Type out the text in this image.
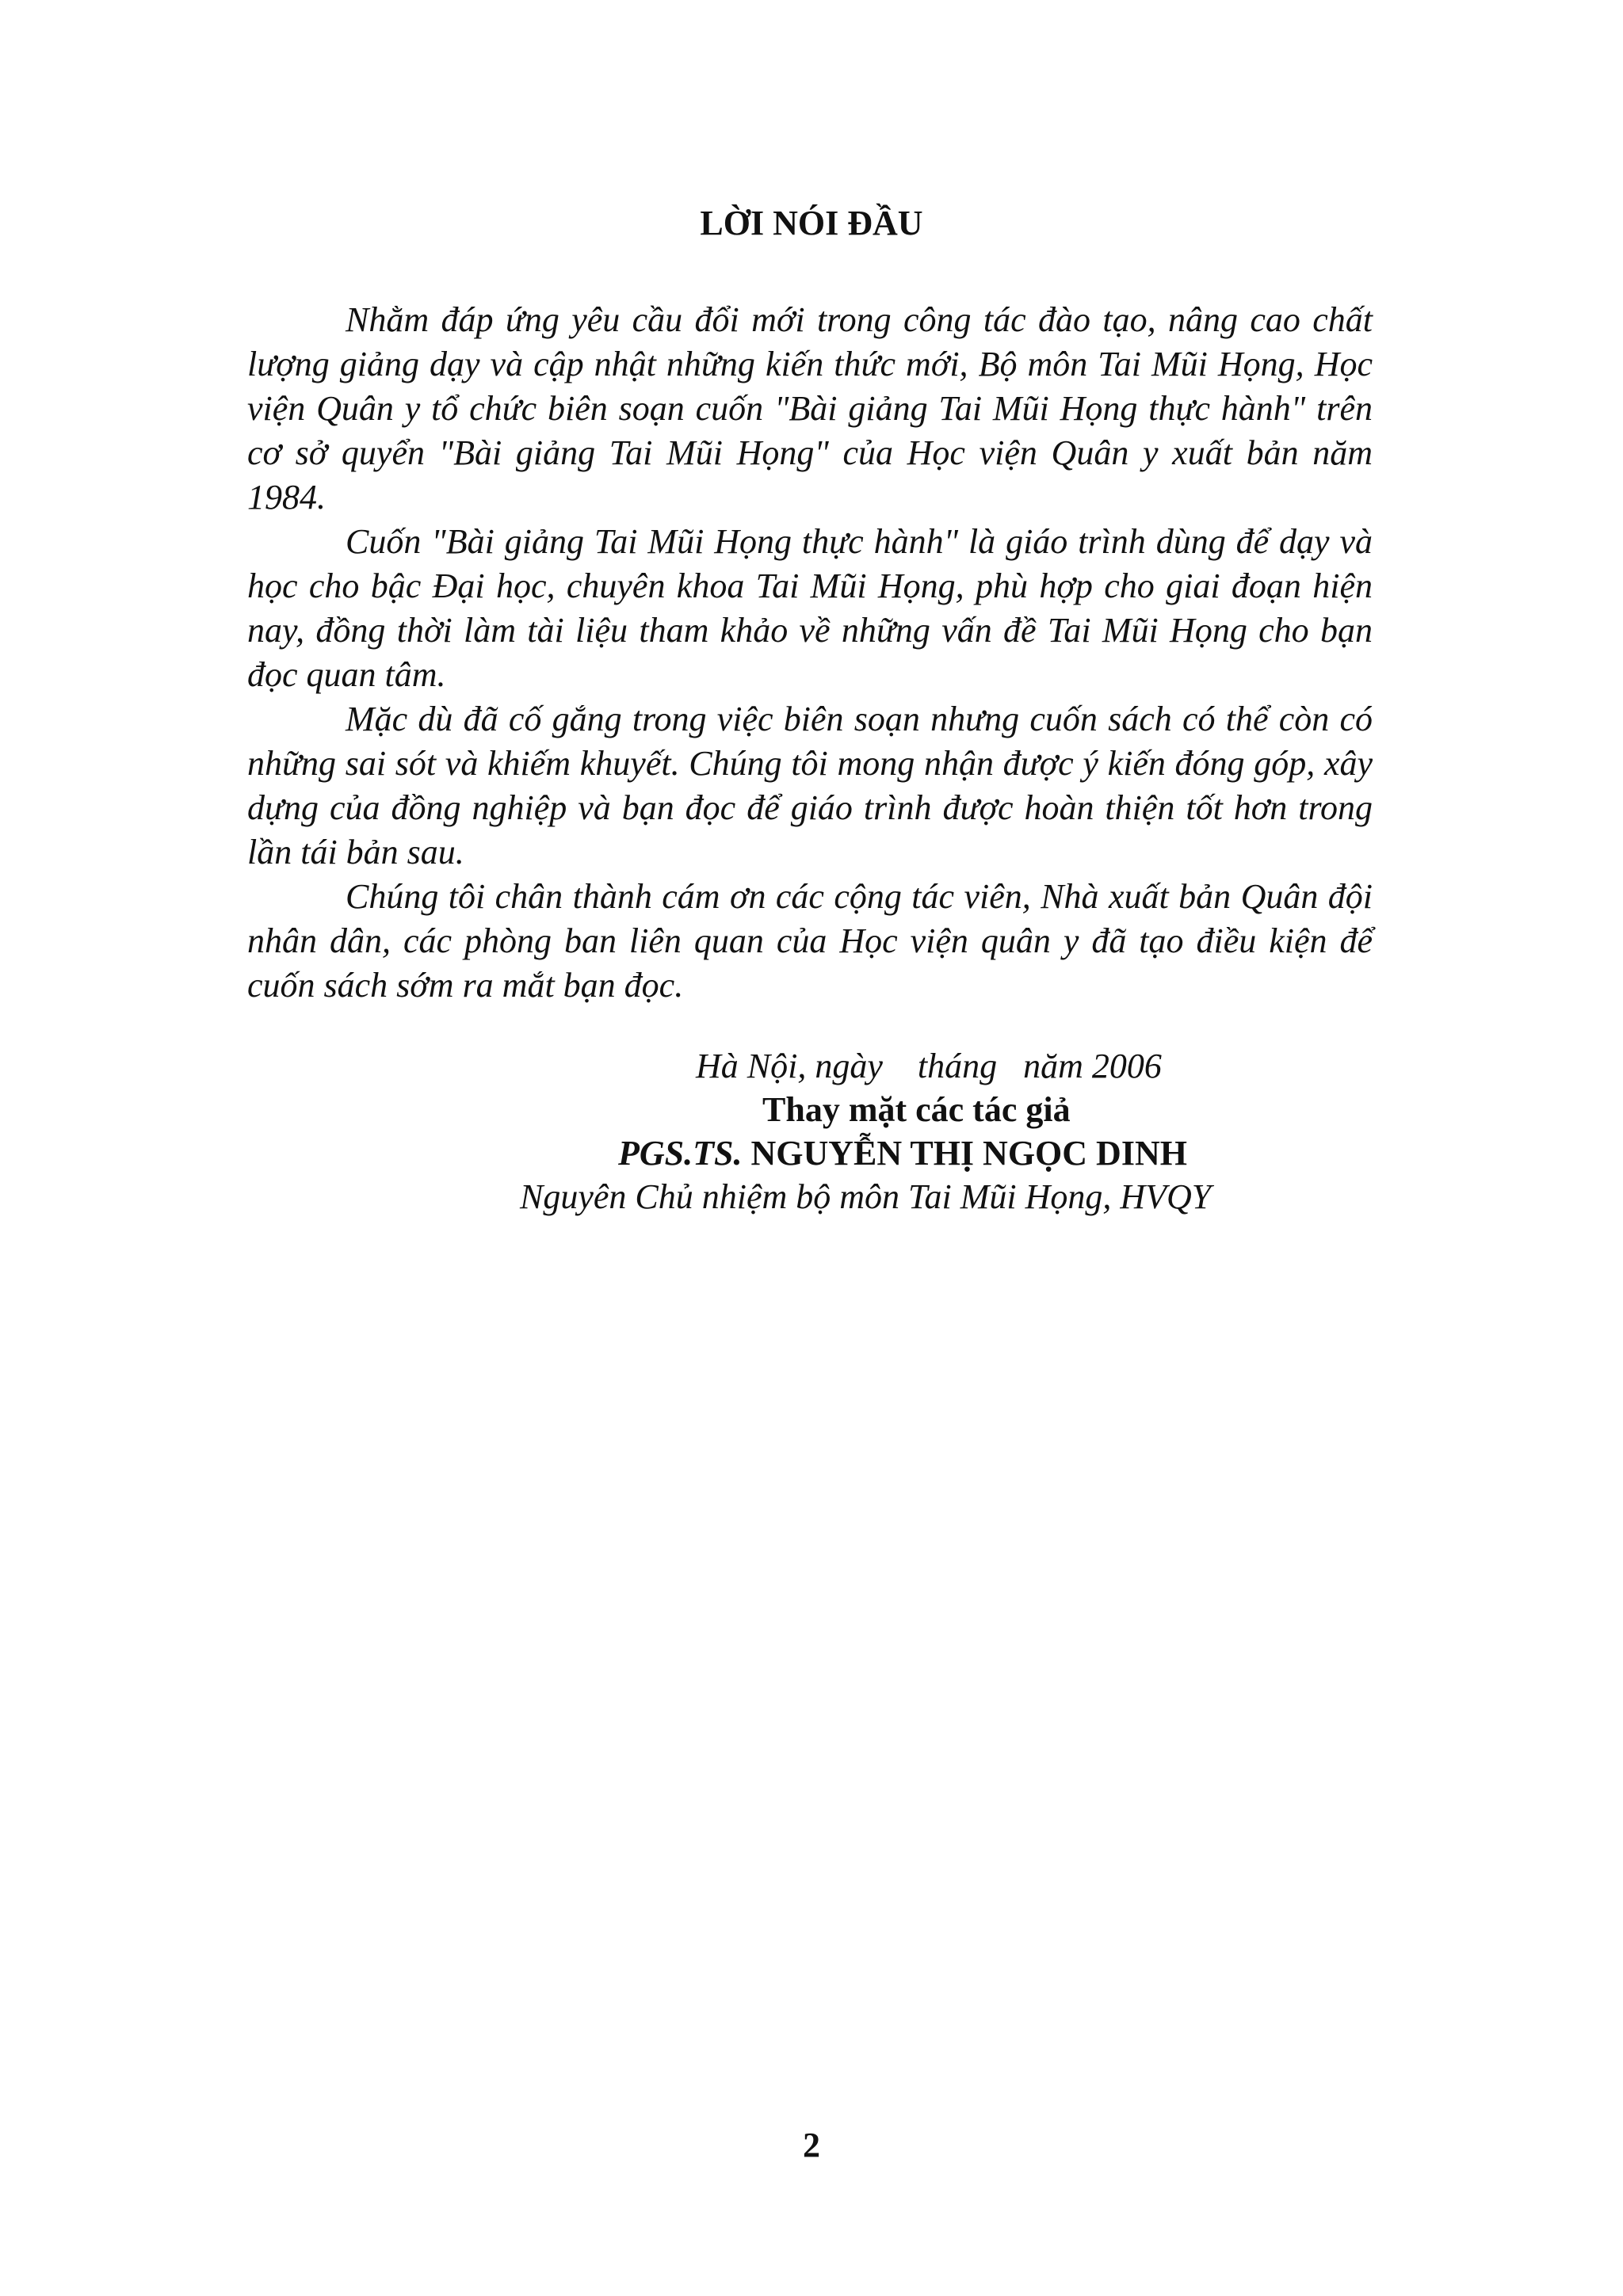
LỜI NÓI ĐẦU

Nhằm đáp ứng yêu cầu đổi mới trong công tác đào tạo, nâng cao chất lượng giảng dạy và cập nhật những kiến thức mới, Bộ môn Tai Mũi Họng, Học viện Quân y tổ chức biên soạn cuốn "Bài giảng Tai Mũi Họng thực hành" trên cơ sở quyển "Bài giảng Tai Mũi Họng" của Học viện Quân y xuất bản năm 1984.

Cuốn "Bài giảng Tai Mũi Họng thực hành" là giáo trình dùng để dạy và học cho bậc Đại học, chuyên khoa Tai Mũi Họng, phù hợp cho giai đoạn hiện nay, đồng thời làm tài liệu tham khảo về những vấn đề Tai Mũi Họng cho bạn đọc quan tâm.

Mặc dù đã cố gắng trong việc biên soạn nhưng cuốn sách có thể còn có những sai sót và khiếm khuyết. Chúng tôi mong nhận được ý kiến đóng góp, xây dựng của đồng nghiệp và bạn đọc để giáo trình được hoàn thiện tốt hơn trong lần tái bản sau.

Chúng tôi chân thành cám ơn các cộng tác viên, Nhà xuất bản Quân đội nhân dân, các phòng ban liên quan của Học viện quân y đã tạo điều kiện để cuốn sách sớm ra mắt bạn đọc.

Hà Nội, ngày    tháng   năm 2006
Thay mặt các tác giả
PGS.TS. NGUYỄN THỊ NGỌC DINH
Nguyên Chủ nhiệm bộ môn Tai Mũi Họng, HVQY
2
